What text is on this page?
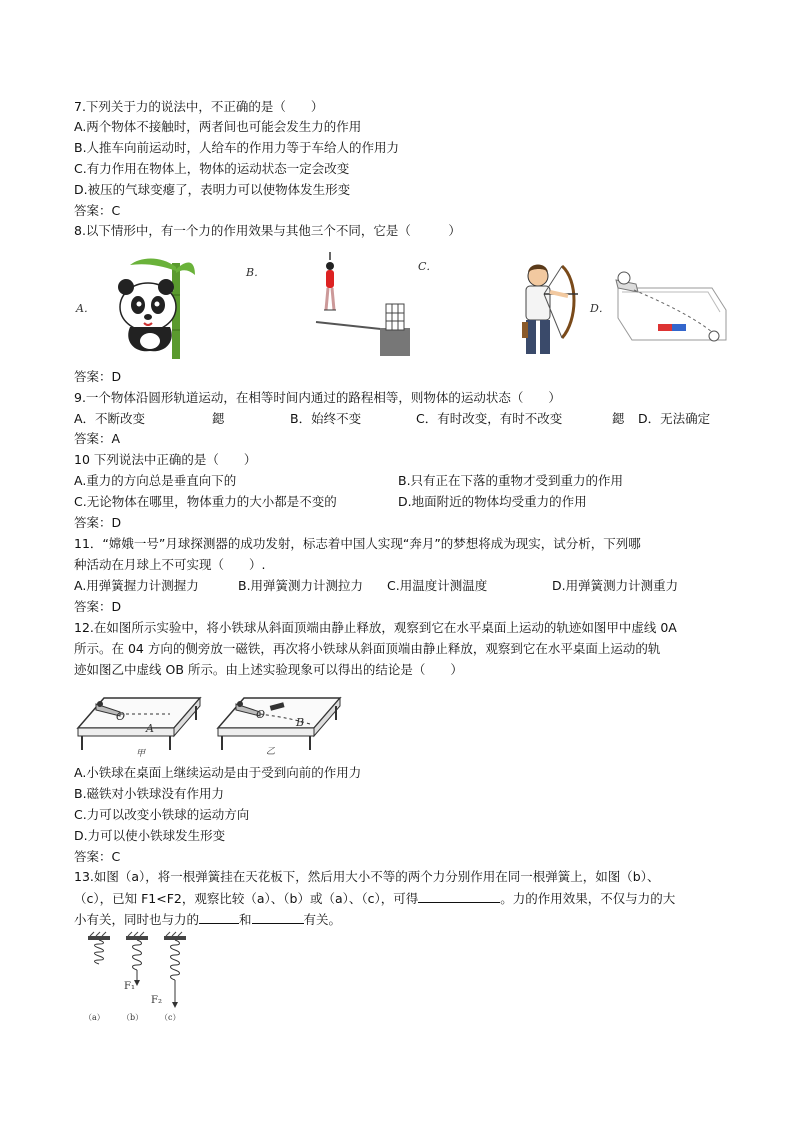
7.下列关于力的说法中，不正确的是（　　）
A.两个物体不接触时，两者间也可能会发生力的作用
B.人推车向前运动时，人给车的作用力等于车给人的作用力
C.有力作用在物体上，物体的运动状态一定会改变
D.被压的气球变瘪了，表明力可以使物体发生形变
答案：C
8.以下情形中，有一个力的作用效果与其他三个不同，它是（　　　）
A．
B．	C．
D．
答案：D
9.一个物体沿圆形轨道运动，在相等时间内通过的路程相等，则物体的运动状态（　　）
A．不断改变	鍶	B．始终不变	C．有时改变，有时不改变	鍶 D．无法确定
答案：A
10 下列说法中正确的是（　　）
A.重力的方向总是垂直向下的	B.只有正在下落的重物才受到重力的作用
C.无论物体在哪里，物体重力的大小都是不变的	D.地面附近的物体均受重力的作用
答案：D
11．“嫦娥一号”月球探测器的成功发射，标志着中国人实现“奔月”的梦想将成为现实，试分析，下列哪
种活动在月球上不可实现（　　）.
A.用弹簧握力计测握力	B.用弹簧测力计测拉力 C.用温度计测温度	D.用弹簧测力计测重力
答案：D
12.在如图所示实验中，将小铁球从斜面顶端由静止释放，观察到它在水平桌面上运动的轨迹如图甲中虚线 0A
所示。在 04 方向的侧旁放一磁铁，再次将小铁球从斜面顶端由静止释放，观察到它在水平桌面上运动的轨
迹如图乙中虚线 OB 所示。由上述实验现象可以得出的结论是（　　）
O
A
甲
O
B
乙
A.小铁球在桌面上继续运动是由于受到向前的作用力
B.磁铁对小铁球没有作用力
C.力可以改变小铁球的运动方向
D.力可以使小铁球发生形变
答案：C
13.如图（a），将一根弹簧挂在天花板下，然后用大小不等的两个力分别作用在同一根弹簧上，如图（b）、
（c），已知 F1<F2，观察比较（a）、（b）或（a）、（c），可得	。力的作用效果，不仅与力的大
小有关，同时也与力的	和	有关。
F₁
F₂
（a） （b） （c）
